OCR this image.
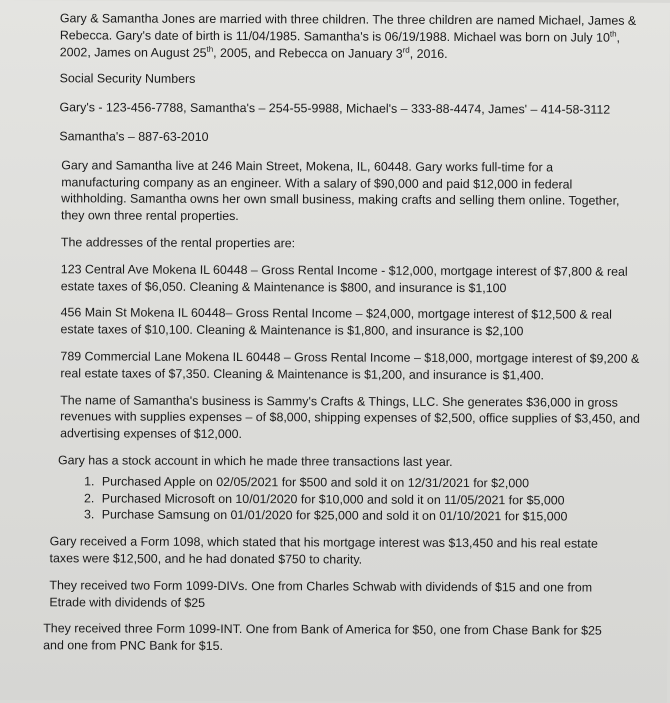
Gary & Samantha Jones are married with three children. The three children are named Michael, James &
Rebecca. Gary's date of birth is 11/04/1985. Samantha's is 06/19/1988. Michael was born on July 10th,
2002, James on August 25th, 2005, and Rebecca on January 3rd, 2016.

Social Security Numbers

Gary's - 123-456-7788, Samantha's – 254-55-9988, Michael's – 333-88-4474, James' – 414-58-3112

Samantha's – 887-63-2010

Gary and Samantha live at 246 Main Street, Mokena, IL, 60448. Gary works full-time for a
manufacturing company as an engineer. With a salary of $90,000 and paid $12,000 in federal
withholding. Samantha owns her own small business, making crafts and selling them online. Together,
they own three rental properties.

The addresses of the rental properties are:

123 Central Ave Mokena IL 60448 – Gross Rental Income - $12,000, mortgage interest of $7,800 & real
estate taxes of $6,050. Cleaning & Maintenance is $800, and insurance is $1,100

456 Main St Mokena IL 60448– Gross Rental Income – $24,000, mortgage interest of $12,500 & real
estate taxes of $10,100. Cleaning & Maintenance is $1,800, and insurance is $2,100

789 Commercial Lane Mokena IL 60448 – Gross Rental Income – $18,000, mortgage interest of $9,200 &
real estate taxes of $7,350. Cleaning & Maintenance is $1,200, and insurance is $1,400.

The name of Samantha's business is Sammy's Crafts & Things, LLC. She generates $36,000 in gross
revenues with supplies expenses – of $8,000, shipping expenses of $2,500, office supplies of $3,450, and
advertising expenses of $12,000.

Gary has a stock account in which he made three transactions last year.

1. Purchased Apple on 02/05/2021 for $500 and sold it on 12/31/2021 for $2,000
2. Purchased Microsoft on 10/01/2020 for $10,000 and sold it on 11/05/2021 for $5,000
3. Purchase Samsung on 01/01/2020 for $25,000 and sold it on 01/10/2021 for $15,000

Gary received a Form 1098, which stated that his mortgage interest was $13,450 and his real estate
taxes were $12,500, and he had donated $750 to charity.

They received two Form 1099-DIVs. One from Charles Schwab with dividends of $15 and one from
Etrade with dividends of $25

They received three Form 1099-INT. One from Bank of America for $50, one from Chase Bank for $25
and one from PNC Bank for $15.
